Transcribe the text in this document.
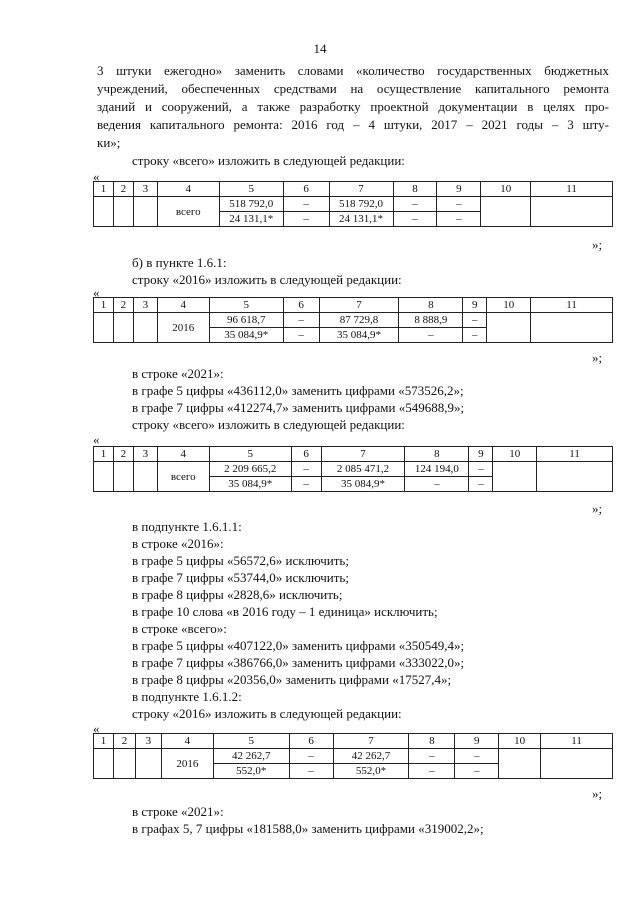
14
3 штуки ежегодно» заменить словами «количество государственных бюджетных
учреждений, обеспеченных средствами на осуществление капитального ремонта
зданий и сооружений, а также разработку проектной документации в целях про-
ведения капитального ремонта: 2016 год – 4 штуки, 2017 – 2021 годы – 3 шту-
ки»;
строку «всего» изложить в следующей редакции:
«
1	2	3	4	5	6	7	8	9	10	11
			всего	518 792,0	–	518 792,0	–	–		
				24 131,1*	–	24 131,1*	–	–		
»;
б) в пункте 1.6.1:
строку «2016» изложить в следующей редакции:
«
1	2	3	4	5	6	7	8	9	10	11
			2016	96 618,7	–	87 729,8	8 888,9	–		
				35 084,9*	–	35 084,9*	–	–		
»;
в строке «2021»:
в графе 5 цифры «436112,0» заменить цифрами «573526,2»;
в графе 7 цифры «412274,7» заменить цифрами «549688,9»;
строку «всего» изложить в следующей редакции:
«
1	2	3	4	5	6	7	8	9	10	11
			всего	2 209 665,2	–	2 085 471,2	124 194,0	–		
				35 084,9*	–	35 084,9*	–	–		
»;
в подпункте 1.6.1.1:
в строке «2016»:
в графе 5 цифры «56572,6» исключить;
в графе 7 цифры «53744,0» исключить;
в графе 8 цифры «2828,6» исключить;
в графе 10 слова «в 2016 году – 1 единица» исключить;
в строке «всего»:
в графе 5 цифры «407122,0» заменить цифрами «350549,4»;
в графе 7 цифры «386766,0» заменить цифрами «333022,0»;
в графе 8 цифры «20356,0» заменить цифрами «17527,4»;
в подпункте 1.6.1.2:
строку «2016» изложить в следующей редакции:
«
1	2	3	4	5	6	7	8	9	10	11
			2016	42 262,7	–	42 262,7	–	–		
				552,0*	–	552,0*	–	–		
»;
в строке «2021»:
в графах 5, 7 цифры «181588,0» заменить цифрами «319002,2»;
